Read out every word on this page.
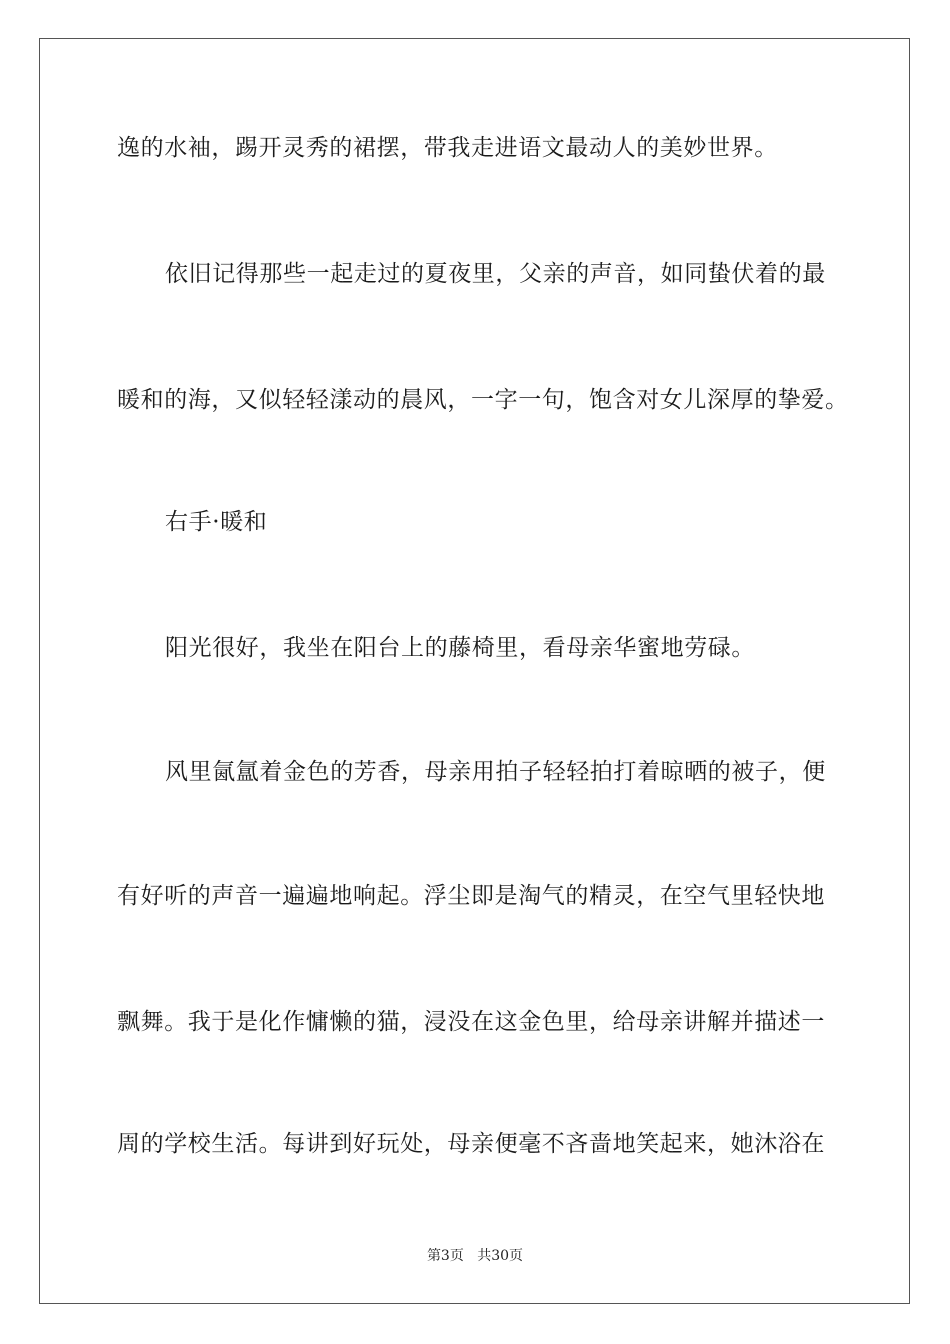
逸的水袖，踢开灵秀的裙摆，带我走进语文最动人的美妙世界。
依旧记得那些一起走过的夏夜里，父亲的声音，如同蛰伏着的最
暖和的海，又似轻轻漾动的晨风，一字一句，饱含对女儿深厚的挚爱。
右手·暖和
阳光很好，我坐在阳台上的藤椅里，看母亲华蜜地劳碌。
风里氤氲着金色的芳香，母亲用拍子轻轻拍打着晾晒的被子，便
有好听的声音一遍遍地响起。浮尘即是淘气的精灵，在空气里轻快地
飘舞。我于是化作慵懒的猫，浸没在这金色里，给母亲讲解并描述一
周的学校生活。每讲到好玩处，母亲便毫不吝啬地笑起来，她沐浴在
第3页 共30页
